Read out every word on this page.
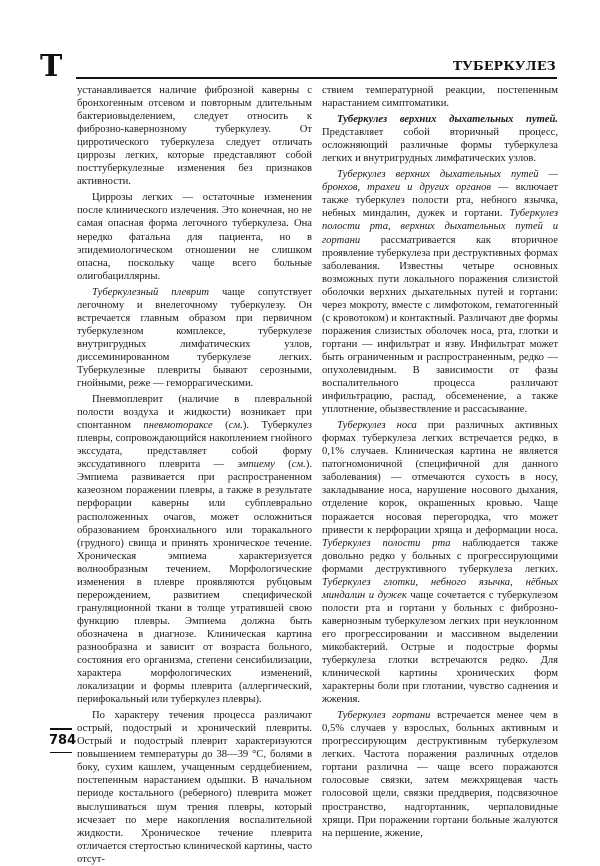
Т	ТУБЕРКУЛЕЗ

устанавливается наличие фиброзной каверны с бронхогенным отсевом и повторным длительным бактериовыделением, следует относить к фиброзно-кавернозному туберкулезу. От цирротического туберкулеза следует отличать циррозы легких, которые представляют собой посттуберкулезные изменения без признаков активности.

Циррозы легких — остаточные изменения после клинического излечения. Это конечная, но не самая опасная форма легочного туберкулеза. Она нередко фатальна для пациента, но в эпидемиологическом отношении не слишком опасна, поскольку чаще всего больные олигобациллярны.

Туберкулезный плеврит чаще сопутствует легочному и внелегочному туберкулезу. Он встречается главным образом при первичном туберкулезном комплексе, туберкулезе внутригрудных лимфатических узлов, диссеминированном туберкулезе легких. Туберкулезные плевриты бывают серозными, гнойными, реже — геморрагическими.

Пневмоплеврит (наличие в плевральной полости воздуха и жидкости) возникает при спонтанном пневмотораксе (см.). Туберкулез плевры, сопровождающийся накоплением гнойного экссудата, представляет собой форму экссудативного плеврита — эмпиему (см.). Эмпиема развивается при распространенном казеозном поражении плевры, а также в результате перфорации каверны или субплеврально расположенных очагов, может осложниться образованием бронхиального или торакального (грудного) свища и принять хроническое течение. Хроническая эмпиема характеризуется волнообразным течением. Морфологические изменения в плевре проявляются рубцовым перерождением, развитием специфической грануляционной ткани в толще утратившей свою функцию плевры. Эмпиема должна быть обозначена в диагнозе. Клиническая картина разнообразна и зависит от возраста больного, состояния его организма, степени сенсибилизации, характера морфологических изменений, локализации и формы плеврита (аллергический, перифокальный или туберкулез плевры).

По характеру течения процесса различают острый, подострый и хронический плевриты. Острый и подострый плеврит характеризуются повышением температуры до 38—39 °С, болями в боку, сухим кашлем, учащенным сердцебиением, постепенным нарастанием одышки. В начальном периоде костального (реберного) плеврита может выслушиваться шум трения плевры, который исчезает по мере накопления воспалительной жидкости. Хроническое течение плеврита отличается стертостью клинической картины, часто отсут-

ствием температурной реакции, постепенным нарастанием симптоматики.

Туберкулез верхних дыхательных путей. Представляет собой вторичный процесс, осложняющий различные формы туберкулеза легких и внутригрудных лимфатических узлов.

Туберкулез верхних дыхательных путей — бронхов, трахеи и других органов — включает также туберкулез полости рта, небного язычка, небных миндалин, дужек и гортани. Туберкулез полости рта, верхних дыхательных путей и гортани рассматривается как вторичное проявление туберкулеза при деструктивных формах заболевания. Известны четыре основных возможных пути локального поражения слизистой оболочки верхних дыхательных путей и гортани: через мокроту, вместе с лимфотоком, гематогенный (с кровотоком) и контактный. Различают две формы поражения слизистых оболочек носа, рта, глотки и гортани — инфильтрат и язву. Инфильтрат может быть ограниченным и распространенным, редко — опухолевидным. В зависимости от фазы воспалительного процесса различают инфильтрацию, распад, обсеменение, а также уплотнение, обызвествление и рассасывание.

Туберкулез носа при различных активных формах туберкулеза легких встречается редко, в 0,1% случаев. Клиническая картина не является патогномоничной (специфичной для данного заболевания) — отмечаются сухость в носу, закладывание носа, нарушение носового дыхания, отделение корок, окрашенных кровью. Чаще поражается носовая перегородка, что может привести к перфорации хряща и деформации носа. Туберкулез полости рта наблюдается также довольно редко у больных с прогрессирующими формами деструктивного туберкулеза легких. Туберкулез глотки, небного язычка, нёбных миндалин и дужек чаще сочетается с туберкулезом полости рта и гортани у больных с фиброзно-кавернозным туберкулезом легких при неуклонном его прогрессировании и массивном выделении микобактерий. Острые и подострые формы туберкулеза глотки встречаются редко. Для клинической картины хронических форм характерны боли при глотании, чувство саднения и жжения.

Туберкулез гортани встречается менее чем в 0,5% случаев у взрослых, больных активным и прогрессирующим деструктивным туберкулезом легких. Частота поражения различных отделов гортани различна — чаще всего поражаются голосовые связки, затем межхрящевая часть голосовой щели, связки преддверия, подсвязочное пространство, надгортанник, черпаловидные хрящи. При поражении гортани больные жалуются на першение, жжение,

784
